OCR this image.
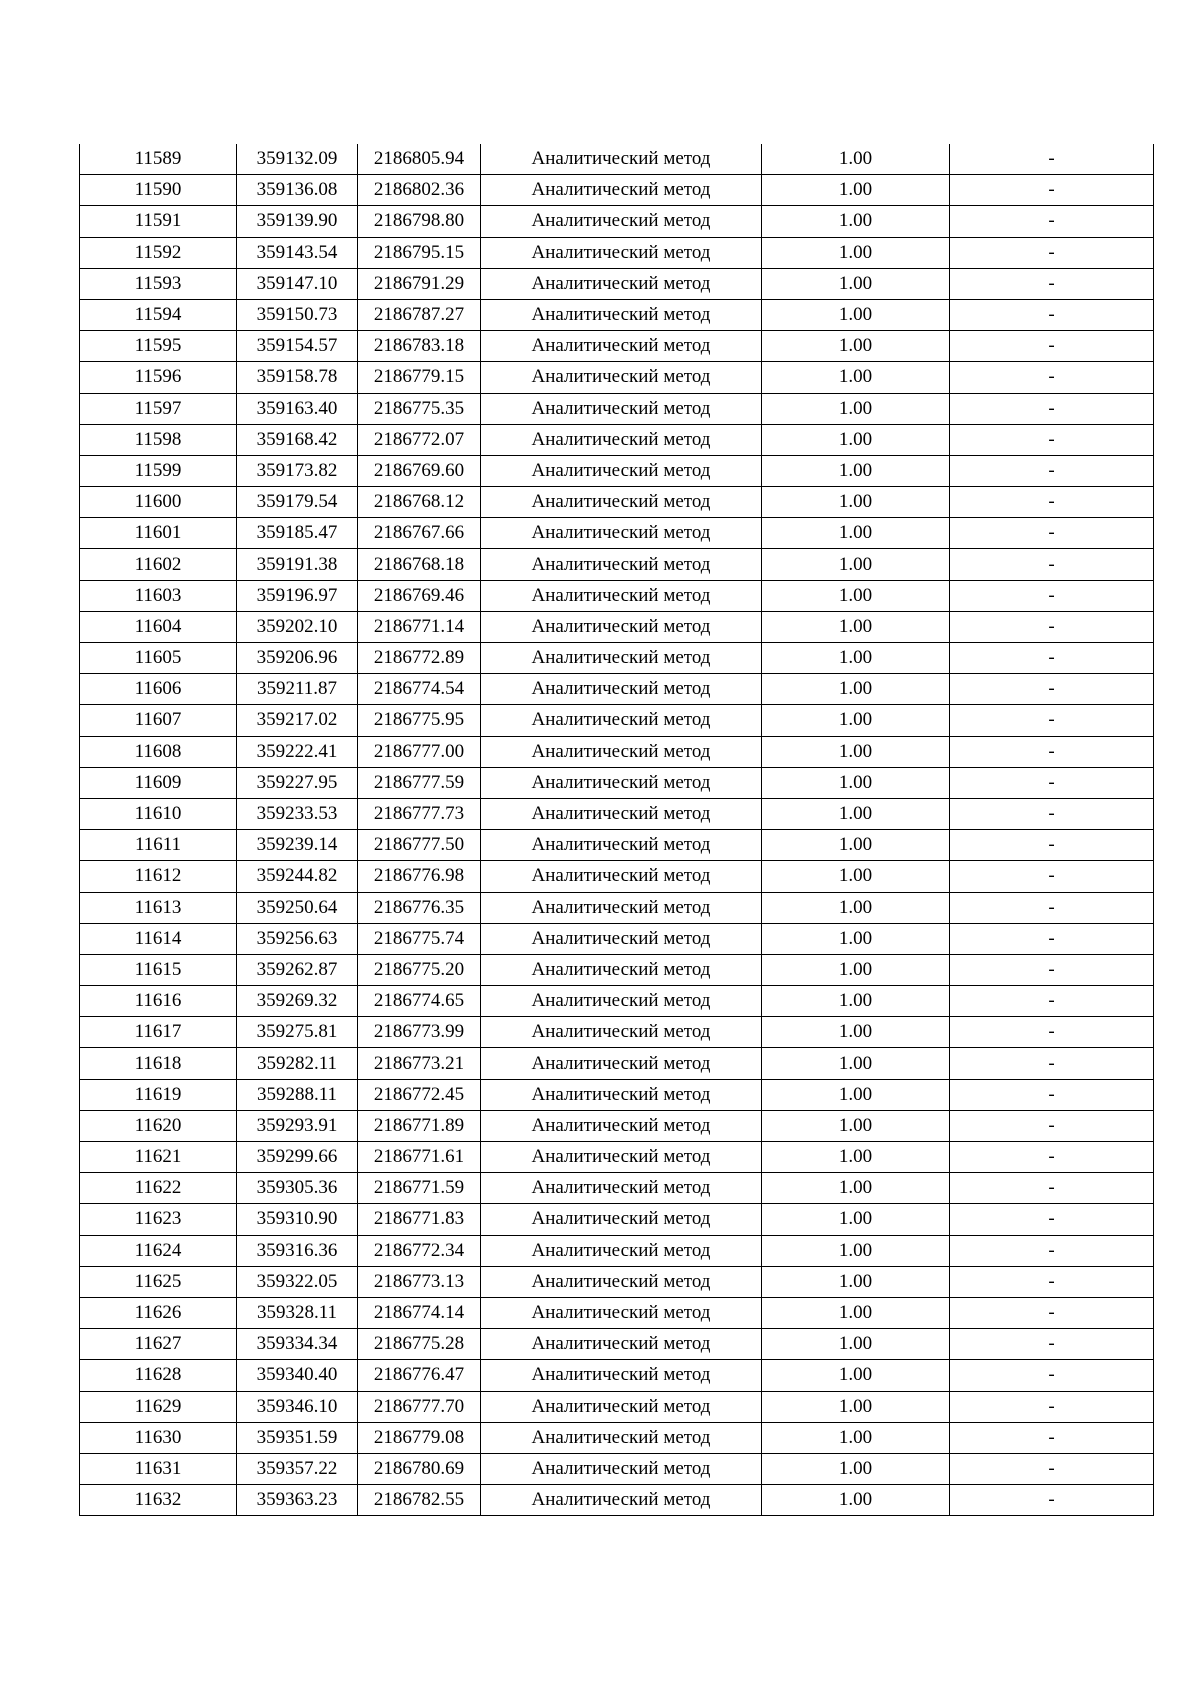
11589	359132.09	2186805.94	Аналитический метод	1.00	-
11590	359136.08	2186802.36	Аналитический метод	1.00	-
11591	359139.90	2186798.80	Аналитический метод	1.00	-
11592	359143.54	2186795.15	Аналитический метод	1.00	-
11593	359147.10	2186791.29	Аналитический метод	1.00	-
11594	359150.73	2186787.27	Аналитический метод	1.00	-
11595	359154.57	2186783.18	Аналитический метод	1.00	-
11596	359158.78	2186779.15	Аналитический метод	1.00	-
11597	359163.40	2186775.35	Аналитический метод	1.00	-
11598	359168.42	2186772.07	Аналитический метод	1.00	-
11599	359173.82	2186769.60	Аналитический метод	1.00	-
11600	359179.54	2186768.12	Аналитический метод	1.00	-
11601	359185.47	2186767.66	Аналитический метод	1.00	-
11602	359191.38	2186768.18	Аналитический метод	1.00	-
11603	359196.97	2186769.46	Аналитический метод	1.00	-
11604	359202.10	2186771.14	Аналитический метод	1.00	-
11605	359206.96	2186772.89	Аналитический метод	1.00	-
11606	359211.87	2186774.54	Аналитический метод	1.00	-
11607	359217.02	2186775.95	Аналитический метод	1.00	-
11608	359222.41	2186777.00	Аналитический метод	1.00	-
11609	359227.95	2186777.59	Аналитический метод	1.00	-
11610	359233.53	2186777.73	Аналитический метод	1.00	-
11611	359239.14	2186777.50	Аналитический метод	1.00	-
11612	359244.82	2186776.98	Аналитический метод	1.00	-
11613	359250.64	2186776.35	Аналитический метод	1.00	-
11614	359256.63	2186775.74	Аналитический метод	1.00	-
11615	359262.87	2186775.20	Аналитический метод	1.00	-
11616	359269.32	2186774.65	Аналитический метод	1.00	-
11617	359275.81	2186773.99	Аналитический метод	1.00	-
11618	359282.11	2186773.21	Аналитический метод	1.00	-
11619	359288.11	2186772.45	Аналитический метод	1.00	-
11620	359293.91	2186771.89	Аналитический метод	1.00	-
11621	359299.66	2186771.61	Аналитический метод	1.00	-
11622	359305.36	2186771.59	Аналитический метод	1.00	-
11623	359310.90	2186771.83	Аналитический метод	1.00	-
11624	359316.36	2186772.34	Аналитический метод	1.00	-
11625	359322.05	2186773.13	Аналитический метод	1.00	-
11626	359328.11	2186774.14	Аналитический метод	1.00	-
11627	359334.34	2186775.28	Аналитический метод	1.00	-
11628	359340.40	2186776.47	Аналитический метод	1.00	-
11629	359346.10	2186777.70	Аналитический метод	1.00	-
11630	359351.59	2186779.08	Аналитический метод	1.00	-
11631	359357.22	2186780.69	Аналитический метод	1.00	-
11632	359363.23	2186782.55	Аналитический метод	1.00	-
